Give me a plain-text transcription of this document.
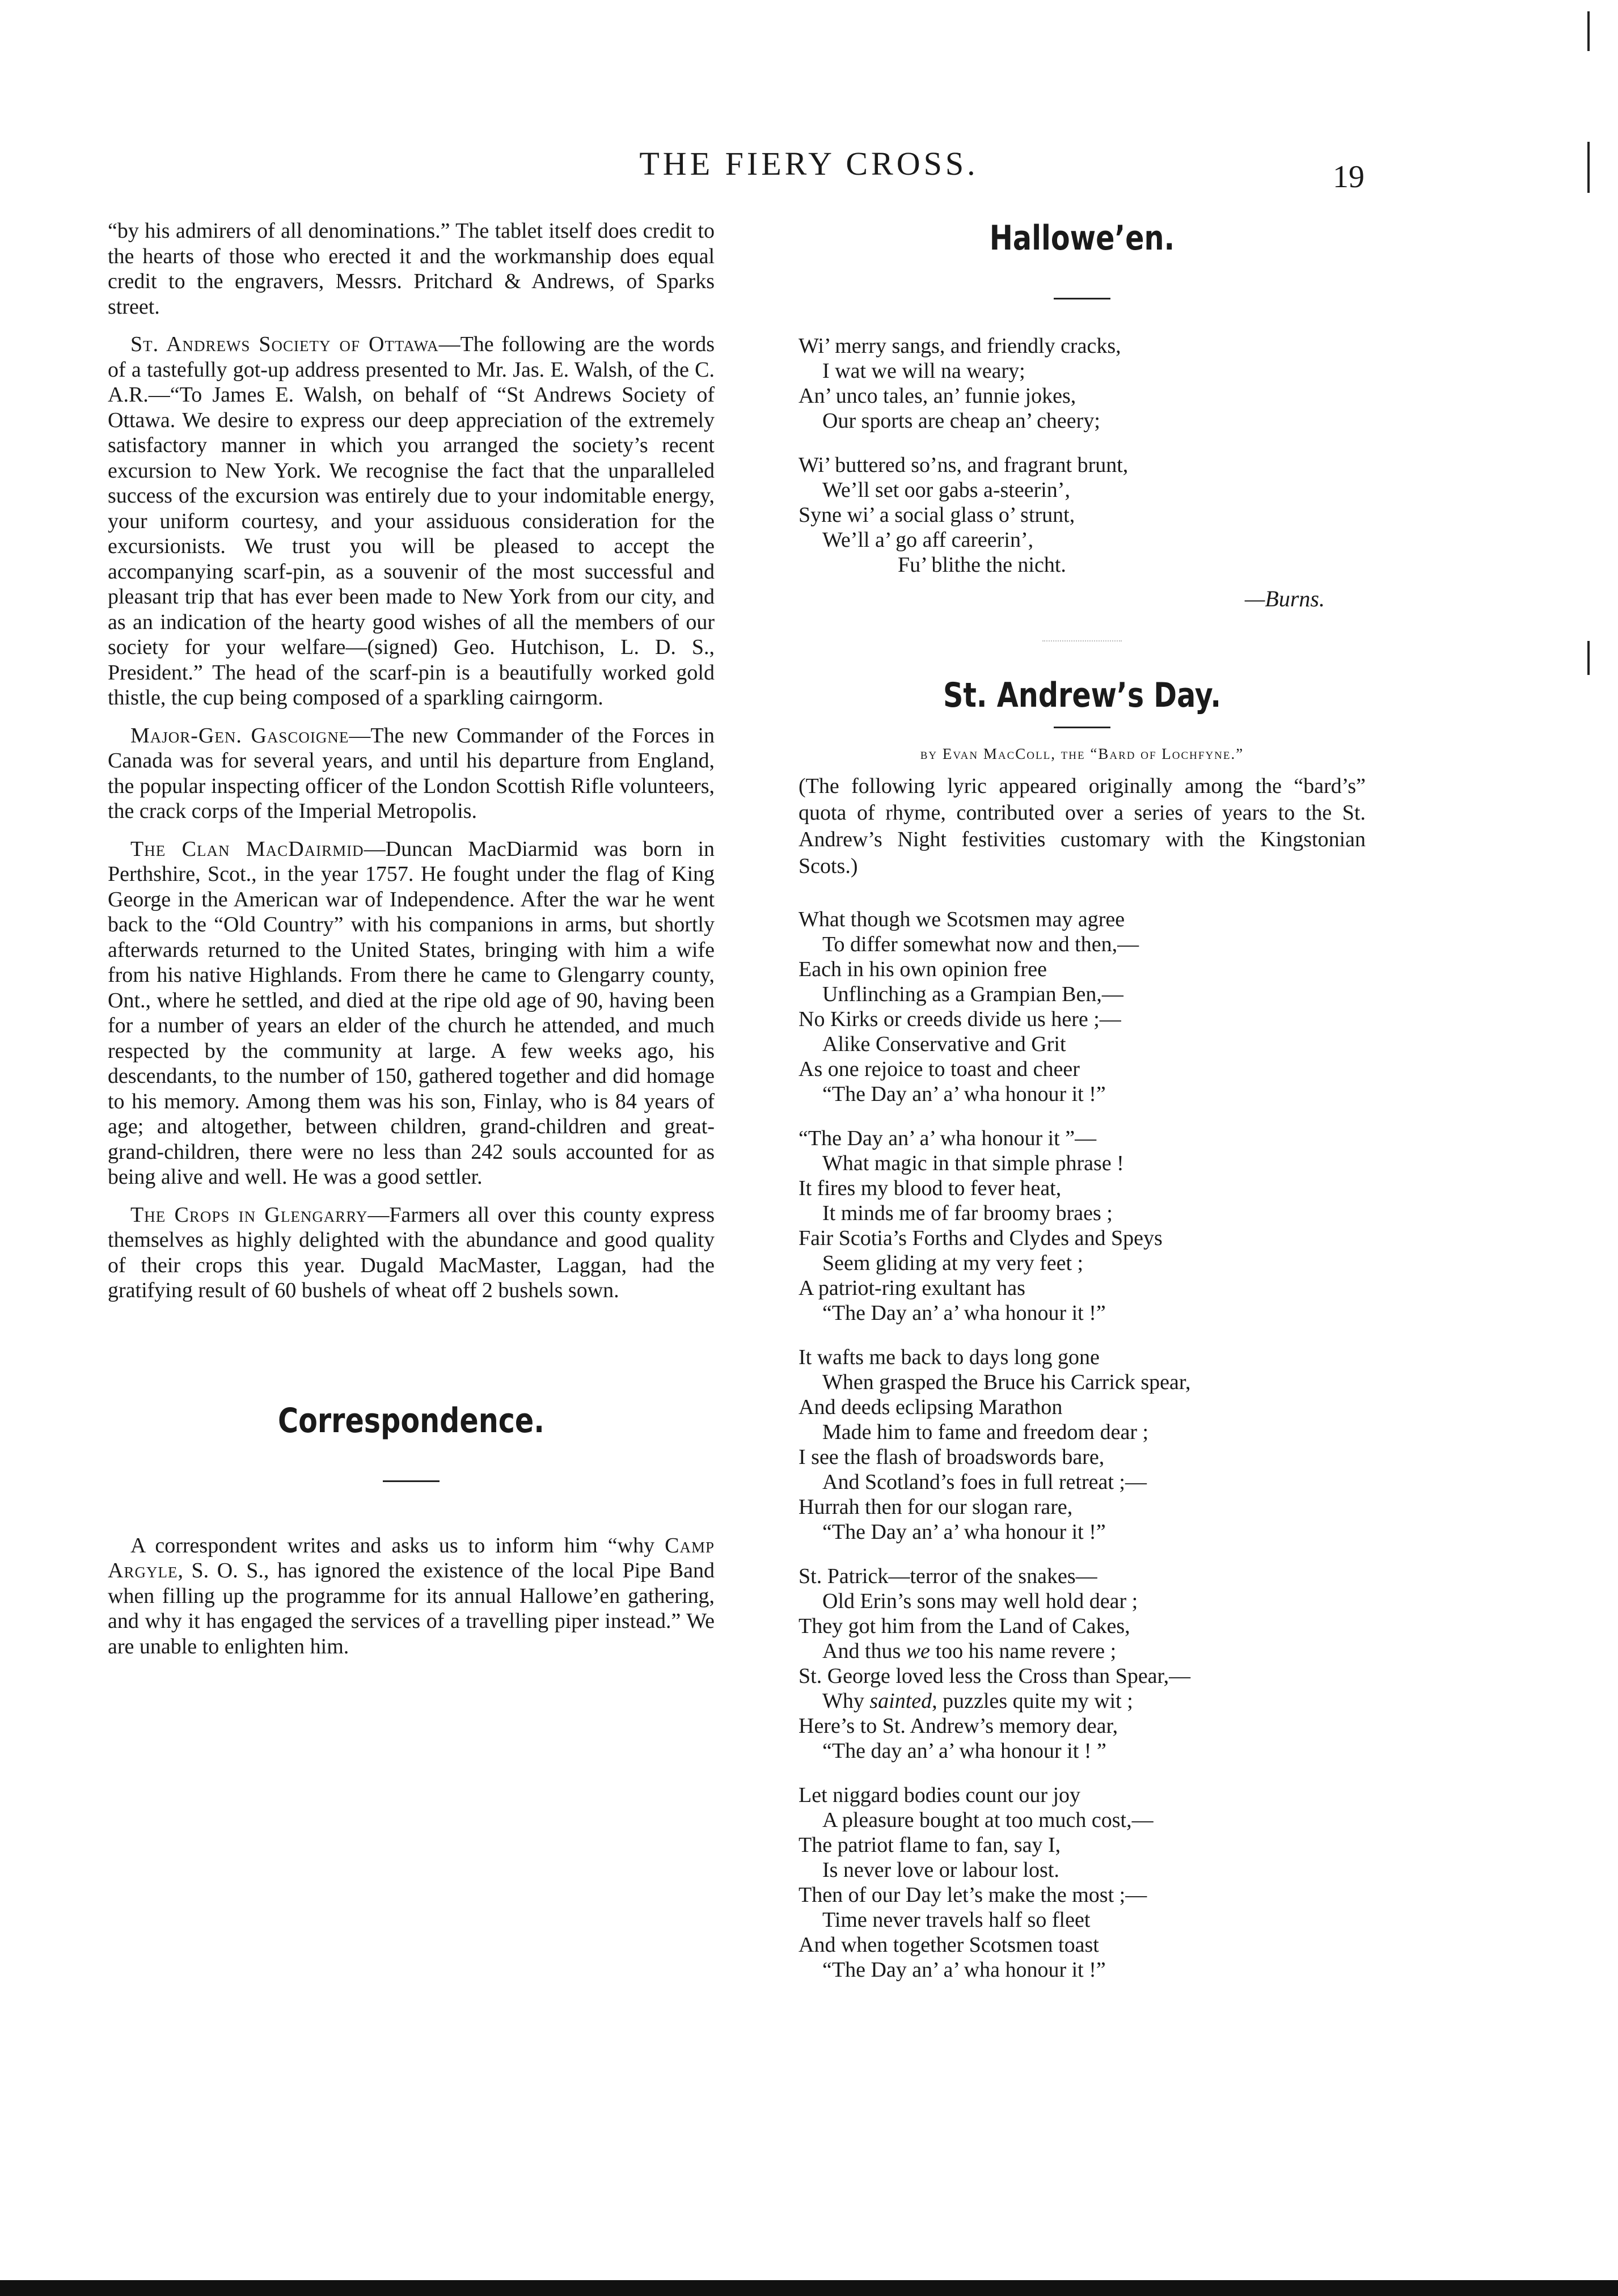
THE FIERY CROSS.	19

“by his admirers of all denominations.” The tablet itself does credit to the hearts of those who erected it and the workmanship does equal credit to the engravers, Messrs. Pritchard & Andrews, of Sparks street.

St. Andrews Society of Ottawa—The following are the words of a tastefully got-up address presented to Mr. Jas. E. Walsh, of the C. A.R.—“To James E. Walsh, on behalf of “St Andrews Society of Ottawa. We desire to express our deep appreciation of the extremely satisfactory manner in which you arranged the society’s recent excursion to New York. We recognise the fact that the unparalleled success of the excursion was entirely due to your indomitable energy, your uniform courtesy, and your assiduous consideration for the excursionists. We trust you will be pleased to accept the accompanying scarf-pin, as a souvenir of the most successful and pleasant trip that has ever been made to New York from our city, and as an indication of the hearty good wishes of all the members of our society for your welfare—(signed) Geo. Hutchison, L. D. S., President.” The head of the scarf-pin is a beautifully worked gold thistle, the cup being composed of a sparkling cairngorm.

Major-Gen. Gascoigne—The new Commander of the Forces in Canada was for several years, and until his departure from England, the popular inspecting officer of the London Scottish Rifle volunteers, the crack corps of the Imperial Metropolis.

The Clan MacDairmid—Duncan MacDiarmid was born in Perthshire, Scot., in the year 1757. He fought under the flag of King George in the American war of Independence. After the war he went back to the “Old Country” with his companions in arms, but shortly afterwards returned to the United States, bringing with him a wife from his native Highlands. From there he came to Glengarry county, Ont., where he settled, and died at the ripe old age of 90, having been for a number of years an elder of the church he attended, and much respected by the community at large. A few weeks ago, his descendants, to the number of 150, gathered together and did homage to his memory. Among them was his son, Finlay, who is 84 years of age; and altogether, between children, grand-children and great-grand-children, there were no less than 242 souls accounted for as being alive and well. He was a good settler.

The Crops in Glengarry—Farmers all over this county express themselves as highly delighted with the abundance and good quality of their crops this year. Dugald MacMaster, Laggan, had the gratifying result of 60 bushels of wheat off 2 bushels sown.

Correspondence.

A correspondent writes and asks us to inform him “why Camp Argyle, S. O. S., has ignored the existence of the local Pipe Band when filling up the programme for its annual Hallowe’en gathering, and why it has engaged the services of a travelling piper instead.” We are unable to enlighten him.

Hallowe’en.
Wi’ merry sangs, and friendly cracks,
I wat we will na weary;
An’ unco tales, an’ funnie jokes,
Our sports are cheap an’ cheery;
Wi’ buttered so’ns, and fragrant brunt,
We’ll set oor gabs a-steerin’,
Syne wi’ a social glass o’ strunt,
We’ll a’ go aff careerin’,
Fu’ blithe the nicht.
—Burns.
St. Andrew’s Day.
by Evan MacColl, the “Bard of Lochfyne.”
(The following lyric appeared originally among the “bard’s” quota of rhyme, contributed over a series of years to the St. Andrew’s Night festivities customary with the Kingstonian Scots.)
What though we Scotsmen may agree
To differ somewhat now and then,—
Each in his own opinion free
Unflinching as a Grampian Ben,—
No Kirks or creeds divide us here ;—
Alike Conservative and Grit
As one rejoice to toast and cheer
“The Day an’ a’ wha honour it !”
“The Day an’ a’ wha honour it ”—
What magic in that simple phrase !
It fires my blood to fever heat,
It minds me of far broomy braes ;
Fair Scotia’s Forths and Clydes and Speys
Seem gliding at my very feet ;
A patriot-ring exultant has
“The Day an’ a’ wha honour it !”
It wafts me back to days long gone
When grasped the Bruce his Carrick spear,
And deeds eclipsing Marathon
Made him to fame and freedom dear ;
I see the flash of broadswords bare,
And Scotland’s foes in full retreat ;—
Hurrah then for our slogan rare,
“The Day an’ a’ wha honour it !”
St. Patrick—terror of the snakes—
Old Erin’s sons may well hold dear ;
They got him from the Land of Cakes,
And thus we too his name revere ;
St. George loved less the Cross than Spear,—
Why sainted, puzzles quite my wit ;
Here’s to St. Andrew’s memory dear,
“The day an’ a’ wha honour it ! ”
Let niggard bodies count our joy
A pleasure bought at too much cost,—
The patriot flame to fan, say I,
Is never love or labour lost.
Then of our Day let’s make the most ;—
Time never travels half so fleet
And when together Scotsmen toast
“The Day an’ a’ wha honour it !”
